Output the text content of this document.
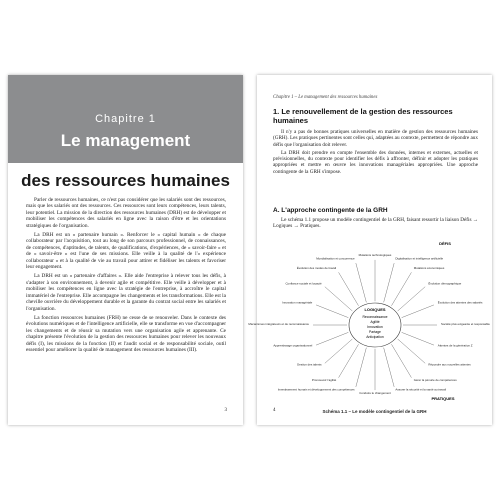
Chapitre 1
Le management
des ressources humaines

Parler de ressources humaines, ce n'est pas considérer que les salariés sont des ressources, mais que les salariés ont des ressources. Ces ressources sont leurs compétences, leurs talents, leur potentiel. La mission de la direction des ressources humaines (DRH) est de développer et mobiliser les compétences des salariés en ligne avec la raison d'être et les orientations stratégiques de l'organisation.

La DRH est un « partenaire humain ». Renforcer le « capital humain » de chaque collaborateur par l'acquisition, tout au long de son parcours professionnel, de connaissances, de compétences, d'aptitudes, de talents, de qualifications, d'expériences, de « savoir-faire » et de « savoir-être » est l'une de ses missions. Elle veille à la qualité de l'« expérience collaborateur » et à la qualité de vie au travail pour attirer et fidéliser les talents et favoriser leur engagement.

La DRH est un « partenaire d'affaires ». Elle aide l'entreprise à relever tous les défis, à s'adapter à son environnement, à devenir agile et compétitive. Elle veille à développer et à mobiliser les compétences en ligne avec la stratégie de l'entreprise, à accroître le capital immatériel de l'entreprise. Elle accompagne les changements et les transformations. Elle est la cheville ouvrière du développement durable et la garante du contrat social entre les salariés et l'organisation.

La fonction ressources humaines (FRH) ne cesse de se renouveler. Dans le contexte des évolutions numériques et de l'intelligence artificielle, elle se transforme en vue d'accompagner les changements et de réussir sa mutation vers une organisation agile et apprenante. Ce chapitre présente l'évolution de la gestion des ressources humaines pour relever les nouveaux défis (I), les missions de la fonction (II) et l'audit social et de responsabilité sociale, outil essentiel pour améliorer la qualité de management des ressources humaines (III).

3
Chapitre 1 – Le management des ressources humaines
1. Le renouvellement de la gestion des ressources humaines

Il n'y a pas de bonnes pratiques universelles en matière de gestion des ressources humaines (GRH). Les pratiques pertinentes sont celles qui, adaptées au contexte, permettent de répondre aux défis que l'organisation doit relever.

La DRH doit prendre en compte l'ensemble des données, internes et externes, actuelles et prévisionnelles, du contexte pour identifier les défis à affronter, définir et adopter les pratiques appropriées et mettre en œuvre les innovations managériales appropriées. Une approche contingente de la GRH s'impose.

A. L'approche contingente de la GRH

Le schéma 1.1 propose un modèle contingentiel de la GRH, faisant ressortir la liaison Défis → Logiques → Pratiques.

Mutations technologiques
Digitalisation et intelligence artificielle
Mutations économiques
Évolution démographique
Évolution des attentes des salariés
Société plus exigeante et responsable
Attentes de la génération Z
Répondre aux nouvelles attentes
Gérer la pénurie de compétences
Assurer la sécurité et la santé au travail
Conduire le changement
Investissement humain et développement des compétences
Promouvoir l'agilité
Gestion des talents
Apprentissage organisationnel
Mécanismes intégrateurs et de reconnaissance
Innovation managériale
Confiance sociale et loyauté
Évolution des modes de travail
Mondialisation et concurrence
LOGIQUES
Reconnaissance
Agilité
Innovation
Partage
Anticipation
DÉFIS
PRATIQUES
Schéma 1.1 – Le modèle contingentiel de la GRH
4
